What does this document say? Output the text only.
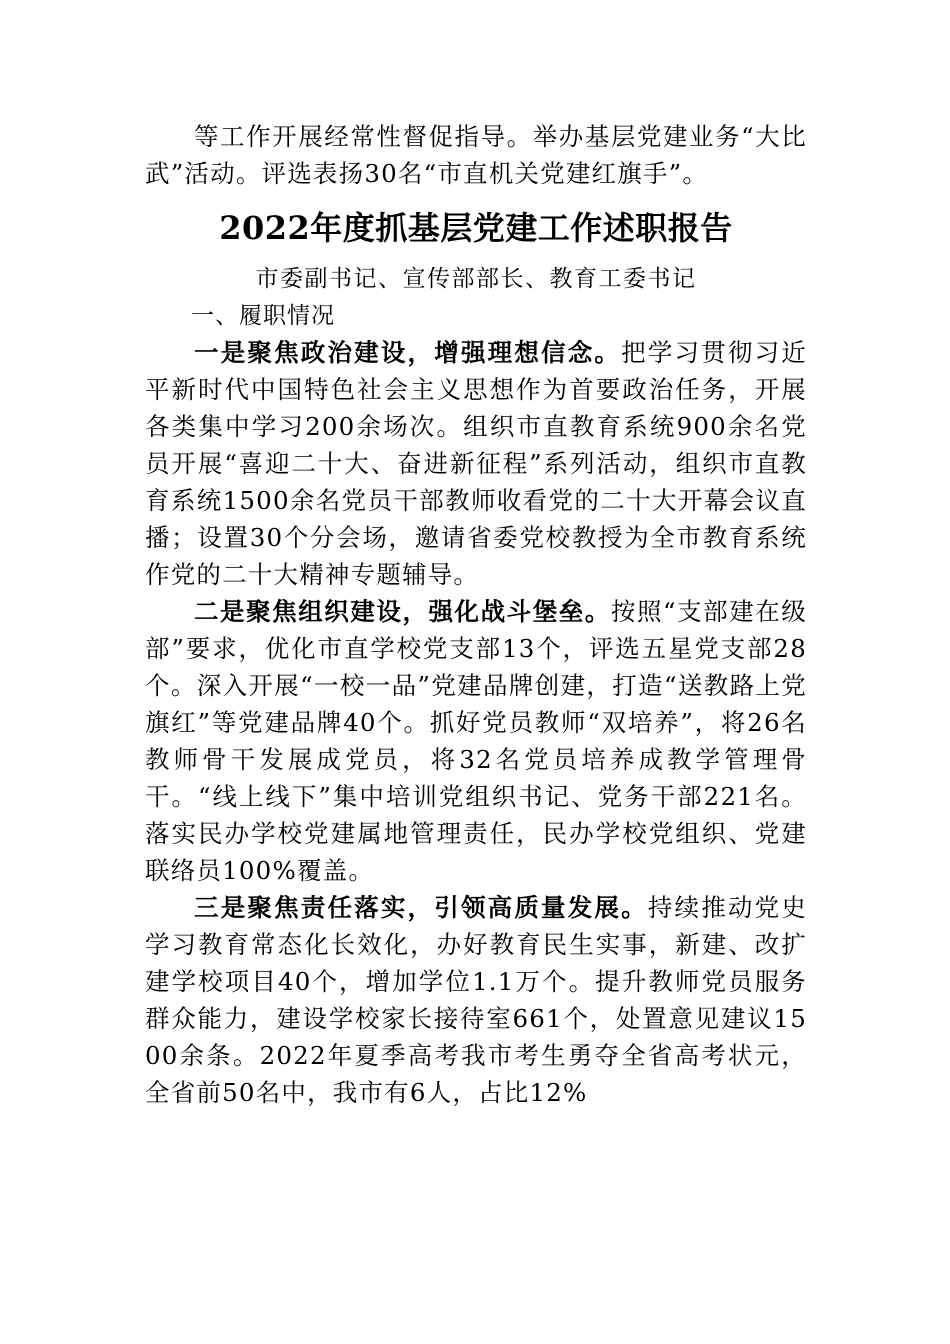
等工作开展经常性督促指导。举办基层党建业务“大比武”活动。评选表扬30名“市直机关党建红旗手”。

2022年度抓基层党建工作述职报告

市委副书记、宣传部部长、教育工委书记

一、履职情况

一是聚焦政治建设，增强理想信念。把学习贯彻习近平新时代中国特色社会主义思想作为首要政治任务，开展各类集中学习200余场次。组织市直教育系统900余名党员开展“喜迎二十大、奋进新征程”系列活动，组织市直教育系统1500余名党员干部教师收看党的二十大开幕会议直播；设置30个分会场，邀请省委党校教授为全市教育系统作党的二十大精神专题辅导。

二是聚焦组织建设，强化战斗堡垒。按照“支部建在级部”要求，优化市直学校党支部13个，评选五星党支部28个。深入开展“一校一品”党建品牌创建，打造“送教路上党旗红”等党建品牌40个。抓好党员教师“双培养”，将26名教师骨干发展成党员，将32名党员培养成教学管理骨干。“线上线下”集中培训党组织书记、党务干部221名。落实民办学校党建属地管理责任，民办学校党组织、党建联络员100%覆盖。

三是聚焦责任落实，引领高质量发展。持续推动党史学习教育常态化长效化，办好教育民生实事，新建、改扩建学校项目40个，增加学位1.1万个。提升教师党员服务群众能力，建设学校家长接待室661个，处置意见建议1500余条。2022年夏季高考我市考生勇夺全省高考状元，全省前50名中，我市有6人，占比12%
